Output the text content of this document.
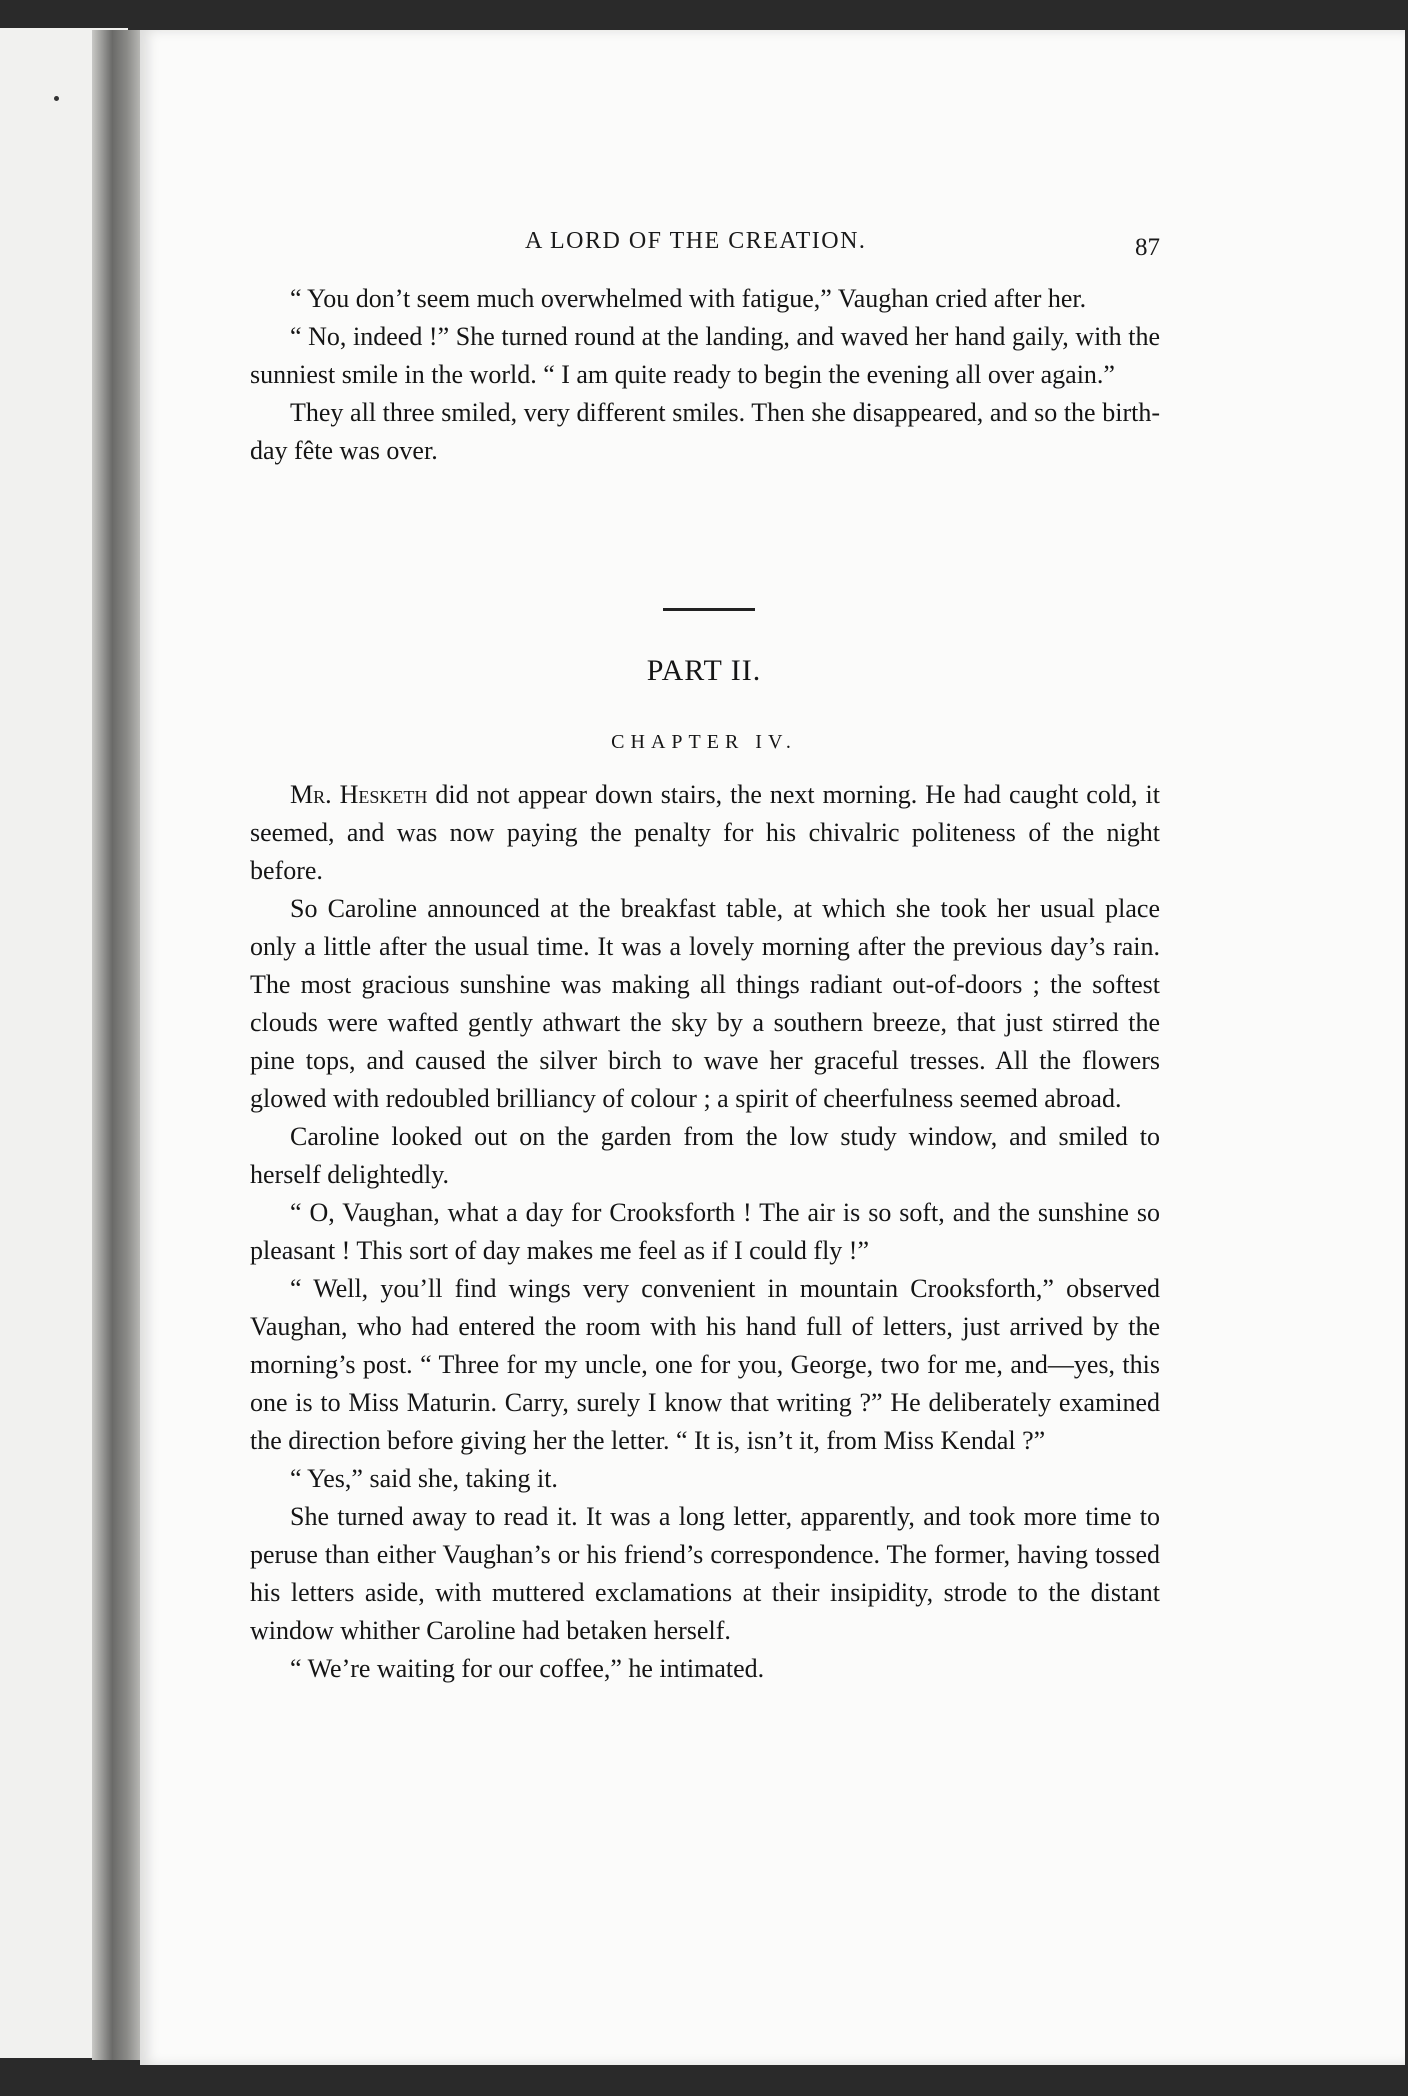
A LORD OF THE CREATION.	87

“ You don’t seem much overwhelmed with fatigue,” Vaughan cried after her.

“ No, indeed !” She turned round at the landing, and waved her hand gaily, with the sunniest smile in the world. “ I am quite ready to begin the evening all over again.”

They all three smiled, very different smiles. Then she disappeared, and so the birth-day fête was over.

PART II.
CHAPTER IV.

Mr. Hesketh did not appear down stairs, the next morning. He had caught cold, it seemed, and was now paying the penalty for his chivalric politeness of the night before.

So Caroline announced at the breakfast table, at which she took her usual place only a little after the usual time. It was a lovely morning after the previous day’s rain. The most gracious sunshine was making all things radiant out-of-doors ; the softest clouds were wafted gently athwart the sky by a southern breeze, that just stirred the pine tops, and caused the silver birch to wave her graceful tresses. All the flowers glowed with redoubled brilliancy of colour ; a spirit of cheerfulness seemed abroad.

Caroline looked out on the garden from the low study window, and smiled to herself delightedly.

“ O, Vaughan, what a day for Crooksforth ! The air is so soft, and the sunshine so pleasant ! This sort of day makes me feel as if I could fly !”

“ Well, you’ll find wings very convenient in mountain Crooksforth,” observed Vaughan, who had entered the room with his hand full of letters, just arrived by the morning’s post. “ Three for my uncle, one for you, George, two for me, and—yes, this one is to Miss Maturin. Carry, surely I know that writing ?” He deliberately examined the direction before giving her the letter. “ It is, isn’t it, from Miss Kendal ?”

“ Yes,” said she, taking it.

She turned away to read it. It was a long letter, apparently, and took more time to peruse than either Vaughan’s or his friend’s correspondence. The former, having tossed his letters aside, with muttered exclamations at their insipidity, strode to the distant window whither Caroline had betaken herself.

“ We’re waiting for our coffee,” he intimated.
